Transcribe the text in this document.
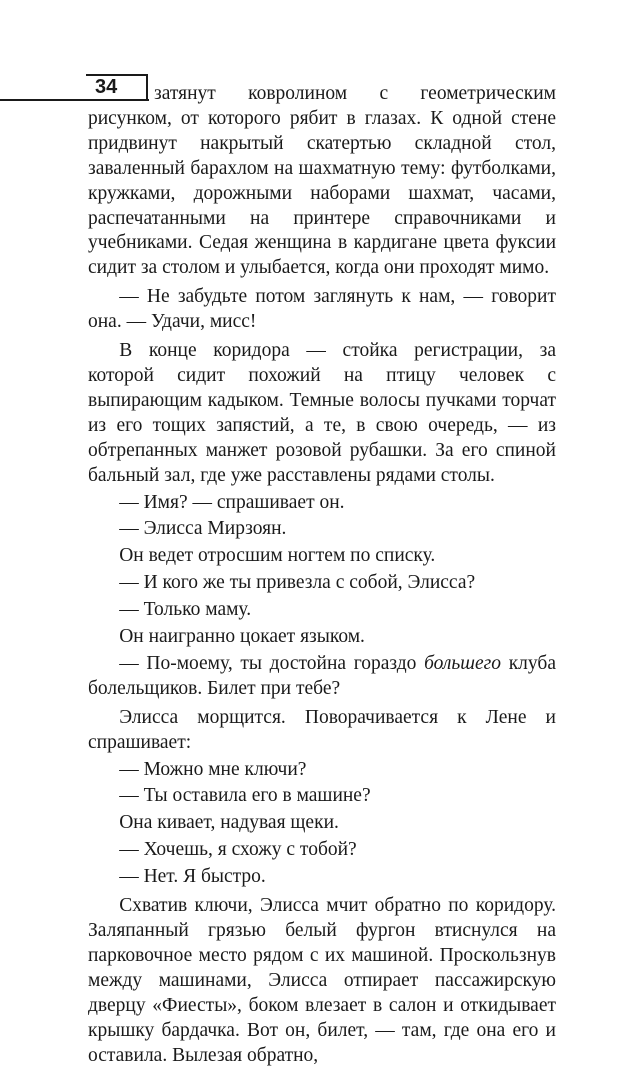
34	затянут ковролином с геометрическим рисунком, от которого рябит в глазах. К одной стене придвинут накрытый скатертью складной стол, заваленный барахлом на шахматную тему: футболками, кружками, дорожными наборами шахмат, часами, распечатанными на принтере справочниками и учебниками. Седая женщина в кардигане цвета фуксии сидит за столом и улыбается, когда они проходят мимо.

— Не забудьте потом заглянуть к нам, — говорит она. — Удачи, мисс!

В конце коридора — стойка регистрации, за которой сидит похожий на птицу человек с выпирающим кадыком. Темные волосы пучками торчат из его тощих запястий, а те, в свою очередь, — из обтрепанных манжет розовой рубашки. За его спиной бальный зал, где уже расставлены рядами столы.

— Имя? — спрашивает он.

— Элисса Мирзоян.

Он ведет отросшим ногтем по списку.

— И кого же ты привезла с собой, Элисса?

— Только маму.

Он наигранно цокает языком.

— По-моему, ты достойна гораздо большего клуба болельщиков. Билет при тебе?

Элисса морщится. Поворачивается к Лене и спрашивает:

— Можно мне ключи?

— Ты оставила его в машине?

Она кивает, надувая щеки.

— Хочешь, я схожу с тобой?

— Нет. Я быстро.

Схватив ключи, Элисса мчит обратно по коридору. Заляпанный грязью белый фургон втиснулся на парковочное место рядом с их машиной. Проскользнув между машинами, Элисса отпирает пассажирскую дверцу «Фиесты», боком влезает в салон и откидывает крышку бардачка. Вот он, билет, — там, где она его и оставила. Вылезая обратно,
